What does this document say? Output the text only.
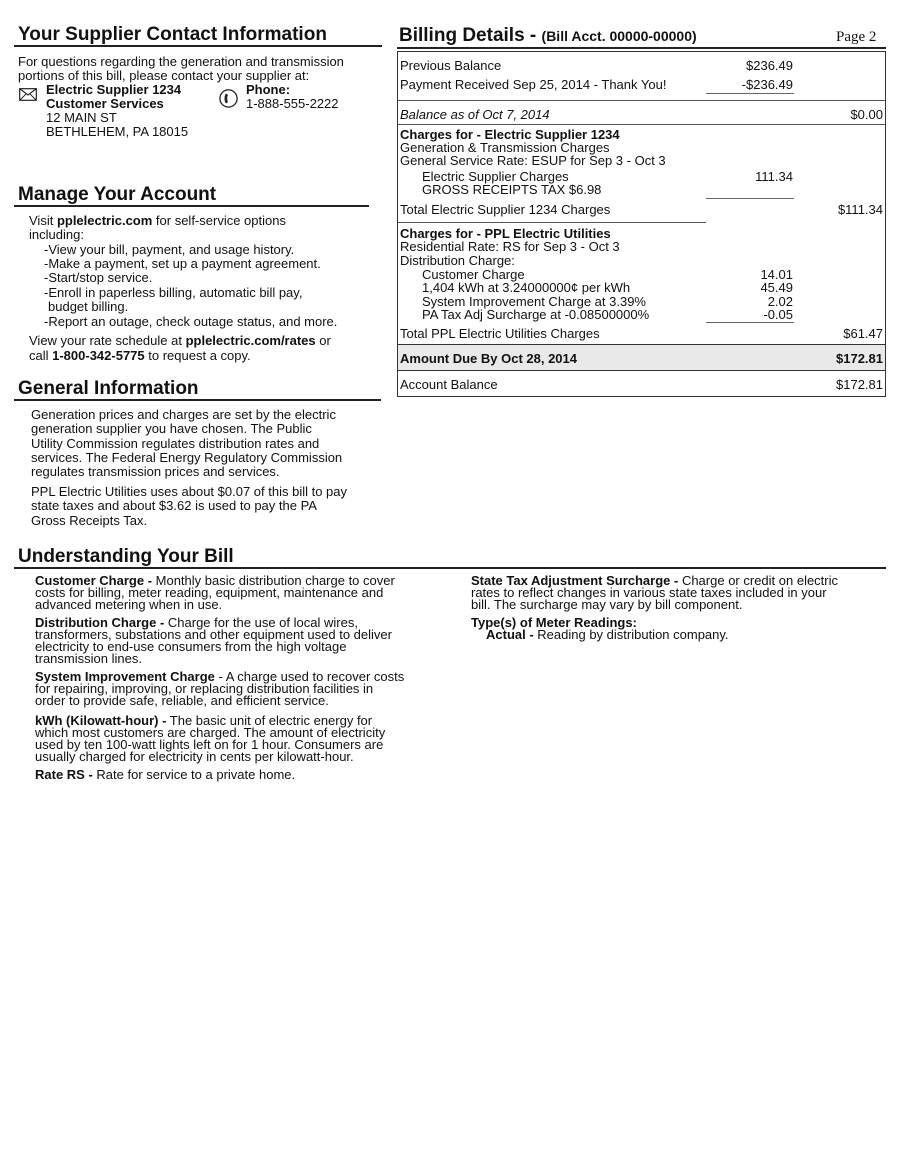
Your Supplier Contact Information
For questions regarding the generation and transmission
portions of this bill, please contact your supplier at:
Electric Supplier 1234
Customer Services
12 MAIN ST
BETHLEHEM, PA 18015
Phone:
1-888-555-2222
Manage Your Account
Visit pplelectric.com for self-service options
including:
-View your bill, payment, and usage history.
-Make a payment, set up a payment agreement.
-Start/stop service.
-Enroll in paperless billing, automatic bill pay,
budget billing.
-Report an outage, check outage status, and more.
View your rate schedule at pplelectric.com/rates or
call 1-800-342-5775 to request a copy.
General Information
Generation prices and charges are set by the electric
generation supplier you have chosen. The Public
Utility Commission regulates distribution rates and
services. The Federal Energy Regulatory Commission
regulates transmission prices and services.
PPL Electric Utilities uses about $0.07 of this bill to pay
state taxes and about $3.62 is used to pay the PA
Gross Receipts Tax.
Billing Details - (Bill Acct. 00000-00000)	Page 2
Previous Balance	$236.49
Payment Received Sep 25, 2014 - Thank You!	-$236.49
Balance as of Oct 7, 2014	$0.00
Charges for - Electric Supplier 1234
Generation & Transmission Charges
General Service Rate: ESUP for Sep 3 - Oct 3
Electric Supplier Charges	111.34
GROSS RECEIPTS TAX $6.98
Total Electric Supplier 1234 Charges	$111.34
Charges for - PPL Electric Utilities
Residential Rate: RS for Sep 3 - Oct 3
Distribution Charge:
Customer Charge	14.01
1,404 kWh at 3.24000000¢ per kWh	45.49
System Improvement Charge at 3.39%	2.02
PA Tax Adj Surcharge at -0.08500000%	-0.05
Total PPL Electric Utilities Charges	$61.47
Amount Due By Oct 28, 2014	$172.81
Account Balance	$172.81
Understanding Your Bill
Customer Charge - Monthly basic distribution charge to cover
costs for billing, meter reading, equipment, maintenance and
advanced metering when in use.
Distribution Charge - Charge for the use of local wires,
transformers, substations and other equipment used to deliver
electricity to end-use consumers from the high voltage
transmission lines.
System Improvement Charge - A charge used to recover costs
for repairing, improving, or replacing distribution facilities in
order to provide safe, reliable, and efficient service.
kWh (Kilowatt-hour) - The basic unit of electric energy for
which most customers are charged. The amount of electricity
used by ten 100-watt lights left on for 1 hour. Consumers are
usually charged for electricity in cents per kilowatt-hour.
Rate RS - Rate for service to a private home.
State Tax Adjustment Surcharge - Charge or credit on electric
rates to reflect changes in various state taxes included in your
bill. The surcharge may vary by bill component.
Type(s) of Meter Readings:
Actual - Reading by distribution company.
